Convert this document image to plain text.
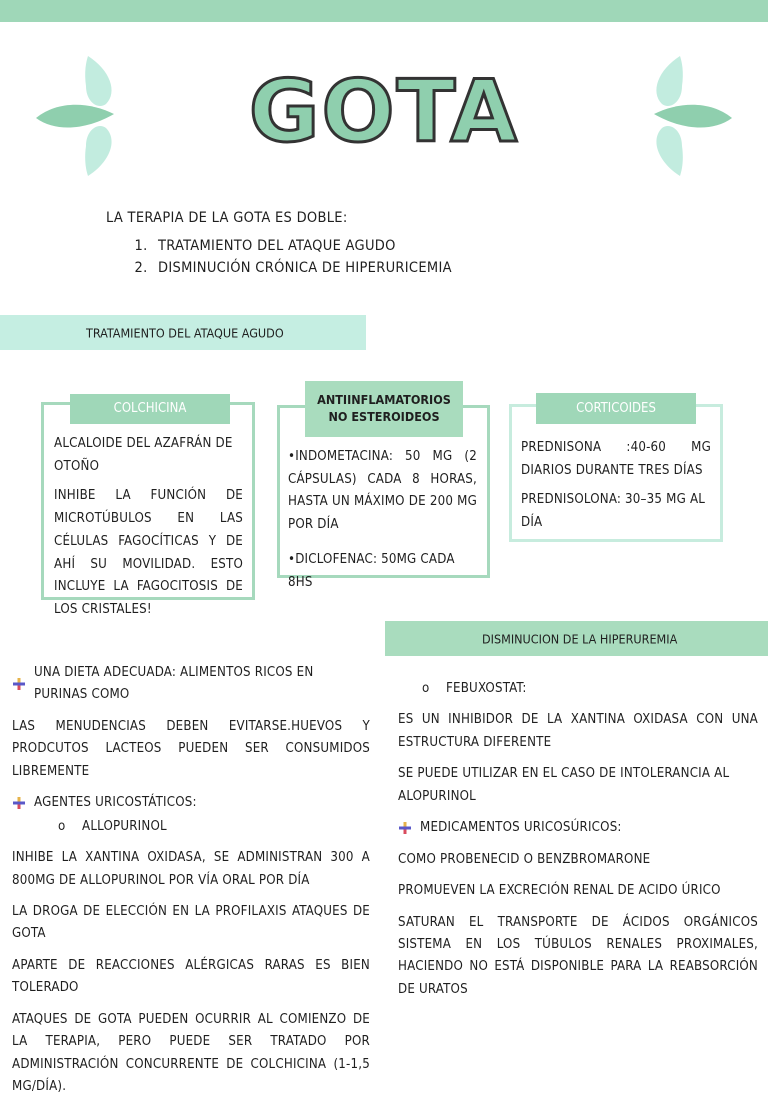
GOTA
LA TERAPIA DE LA GOTA ES DOBLE:
1. TRATAMIENTO DEL ATAQUE AGUDO
2. DISMINUCIÓN CRÓNICA DE HIPERURICEMIA
TRATAMIENTO DEL ATAQUE AGUDO
COLCHICINA

ALCALOIDE DEL AZAFRÁN DE OTOÑO

INHIBE LA FUNCIÓN DE MICROTÚBULOS EN LAS CÉLULAS FAGOCÍTICAS Y DE AHÍ SU MOVILIDAD. ESTO INCLUYE LA FAGOCITOSIS DE LOS CRISTALES!

ANTIINFLAMATORIOS NO ESTEROIDEOS

•INDOMETACINA: 50 MG (2 CÁPSULAS) CADA 8 HORAS, HASTA UN MÁXIMO DE 200 MG POR DÍA

•DICLOFENAC: 50MG CADA 8HS

CORTICOIDES

PREDNISONA :40-60 MG DIARIOS DURANTE TRES DÍAS

PREDNISOLONA: 30–35 MG AL DÍA

DISMINUCION DE LA HIPERUREMIA

UNA DIETA ADECUADA: ALIMENTOS RICOS EN PURINAS COMO

LAS MENUDENCIAS DEBEN EVITARSE.HUEVOS Y PRODCUTOS LACTEOS PUEDEN SER CONSUMIDOS LIBREMENTE

AGENTES URICOSTÁTICOS:

O ALLOPURINOL

INHIBE LA XANTINA OXIDASA, SE ADMINISTRAN 300 A 800MG DE ALLOPURINOL POR VÍA ORAL POR DÍA

LA DROGA DE ELECCIÓN EN LA PROFILAXIS ATAQUES DE GOTA

APARTE DE REACCIONES ALÉRGICAS RARAS ES BIEN TOLERADO

ATAQUES DE GOTA PUEDEN OCURRIR AL COMIENZO DE LA TERAPIA, PERO PUEDE SER TRATADO POR ADMINISTRACIÓN CONCURRENTE DE COLCHICINA (1-1,5 MG/DÍA).

O FEBUXOSTAT:

ES UN INHIBIDOR DE LA XANTINA OXIDASA CON UNA ESTRUCTURA DIFERENTE

SE PUEDE UTILIZAR EN EL CASO DE INTOLERANCIA AL ALOPURINOL

MEDICAMENTOS URICOSÚRICOS:

COMO PROBENECID O BENZBROMARONE

PROMUEVEN LA EXCRECIÓN RENAL DE ACIDO ÚRICO

SATURAN EL TRANSPORTE DE ÁCIDOS ORGÁNICOS SISTEMA EN LOS TÚBULOS RENALES PROXIMALES, HACIENDO NO ESTÁ DISPONIBLE PARA LA REABSORCIÓN DE URATOS
